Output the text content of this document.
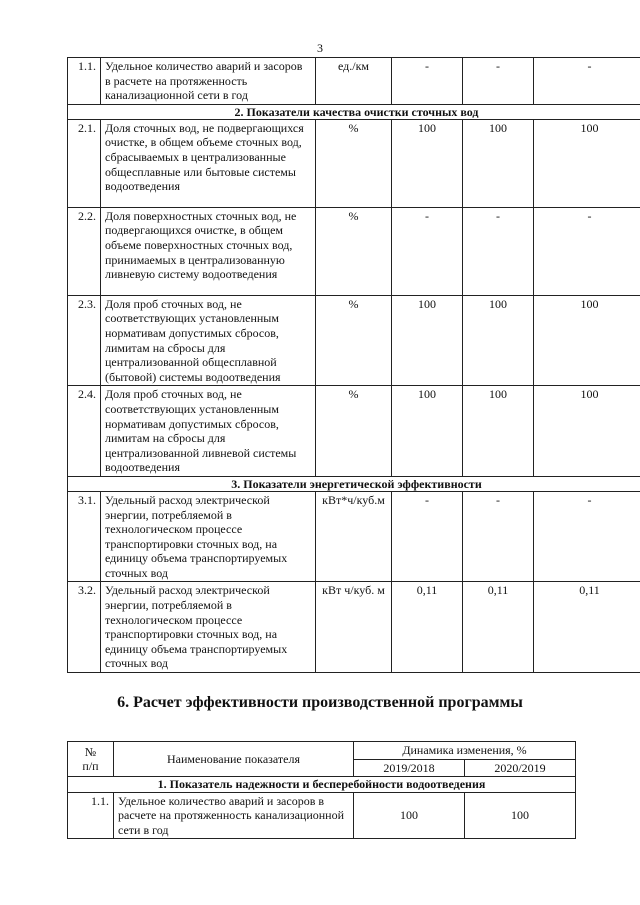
3
1.1.	Удельное количество аварий и засоров в расчете на протяженность канализационной сети в год	ед./км	-	-	-
2. Показатели качества очистки сточных вод					
2.1.	Доля сточных вод, не подвергающихся очистке, в общем объеме сточных вод, сбрасываемых в централизованные общесплавные или бытовые системы водоотведения	%	100	100	100
2.2.	Доля поверхностных сточных вод, не подвергающихся очистке, в общем объеме поверхностных сточных вод, принимаемых в централизованную ливневую систему водоотведения	%	-	-	-
2.3.	Доля проб сточных вод, не соответствующих установленным нормативам допустимых сбросов, лимитам на сбросы для централизованной общесплавной (бытовой) системы водоотведения	%	100	100	100
2.4.	Доля проб сточных вод, не соответствующих установленным нормативам допустимых сбросов, лимитам на сбросы для централизованной ливневой системы водоотведения	%	100	100	100
3. Показатели энергетической эффективности					
3.1.	Удельный расход электрической энергии, потребляемой в технологическом процессе транспортировки сточных вод, на единицу объема транспортируемых сточных вод	кВт*ч/куб.м	-	-	-
3.2.	Удельный расход электрической энергии, потребляемой в технологическом процессе транспортировки сточных вод, на единицу объема транспортируемых сточных вод	кВт ч/куб. м	0,11	0,11	0,11
6. Расчет эффективности производственной программы
№
п/п	Наименование показателя	Динамика изменения, %	
		2019/2018	2020/2019
1. Показатель надежности и бесперебойности водоотведения			
1.1.	Удельное количество аварий и засоров в расчете на протяженность канализационной сети в год	100	100
